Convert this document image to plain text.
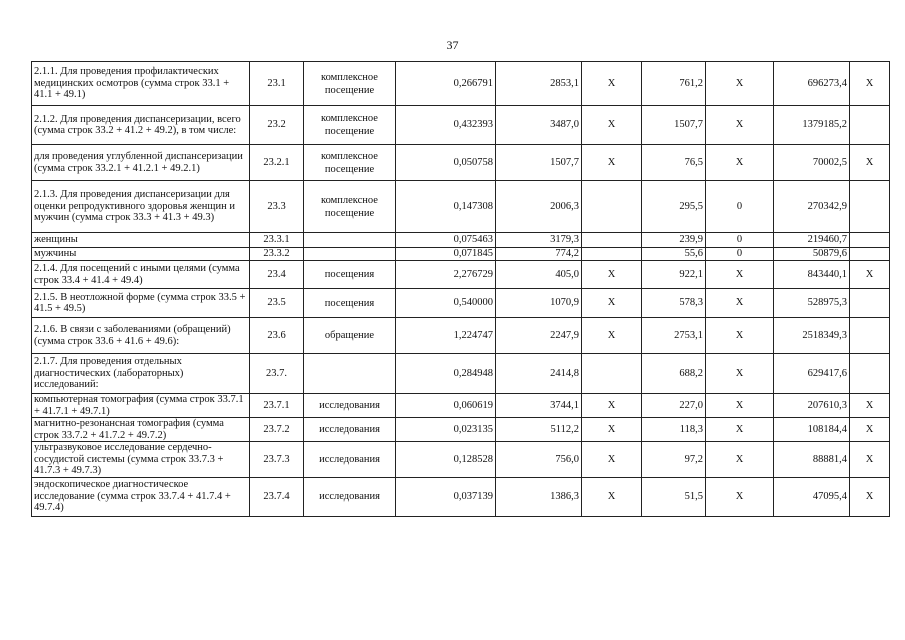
37
2.1.1. Для проведения профилактических медицинских осмотров (сумма строк 33.1 + 41.1 + 49.1)	23.1	комплексное посещение	0,266791	2853,1	X	761,2	X	696273,4	X
2.1.2. Для проведения диспансеризации, всего (сумма строк 33.2 + 41.2 + 49.2), в том числе:	23.2	комплексное посещение	0,432393	3487,0	X	1507,7	X	1379185,2	
для проведения углубленной диспансеризации (сумма строк 33.2.1 + 41.2.1 + 49.2.1)	23.2.1	комплексное посещение	0,050758	1507,7	X	76,5	X	70002,5	X
2.1.3. Для проведения диспансеризации для оценки репродуктивного здоровья женщин и мужчин (сумма строк 33.3 + 41.3 + 49.3)	23.3	комплексное посещение	0,147308	2006,3		295,5	0	270342,9	
женщины	23.3.1		0,075463	3179,3		239,9	0	219460,7	
мужчины	23.3.2		0,071845	774,2		55,6	0	50879,6	
2.1.4. Для посещений с иными целями (сумма строк 33.4 + 41.4 + 49.4)	23.4	посещения	2,276729	405,0	X	922,1	X	843440,1	X
2.1.5. В неотложной форме (сумма строк 33.5 + 41.5 + 49.5)	23.5	посещения	0,540000	1070,9	X	578,3	X	528975,3	
2.1.6. В связи с заболеваниями (обращений) (сумма строк 33.6 + 41.6 + 49.6):	23.6	обращение	1,224747	2247,9	X	2753,1	X	2518349,3	
2.1.7. Для проведения отдельных диагностических (лабораторных) исследований:	23.7.		0,284948	2414,8		688,2	X	629417,6	
компьютерная томография (сумма строк 33.7.1 + 41.7.1 + 49.7.1)	23.7.1	исследования	0,060619	3744,1	X	227,0	X	207610,3	X
магнитно-резонансная томография (сумма строк 33.7.2 + 41.7.2 + 49.7.2)	23.7.2	исследования	0,023135	5112,2	X	118,3	X	108184,4	X
ультразвуковое исследование сердечно-сосудистой системы (сумма строк 33.7.3 + 41.7.3 + 49.7.3)	23.7.3	исследования	0,128528	756,0	X	97,2	X	88881,4	X
эндоскопическое диагностическое исследование (сумма строк 33.7.4 + 41.7.4 + 49.7.4)	23.7.4	исследования	0,037139	1386,3	X	51,5	X	47095,4	X
